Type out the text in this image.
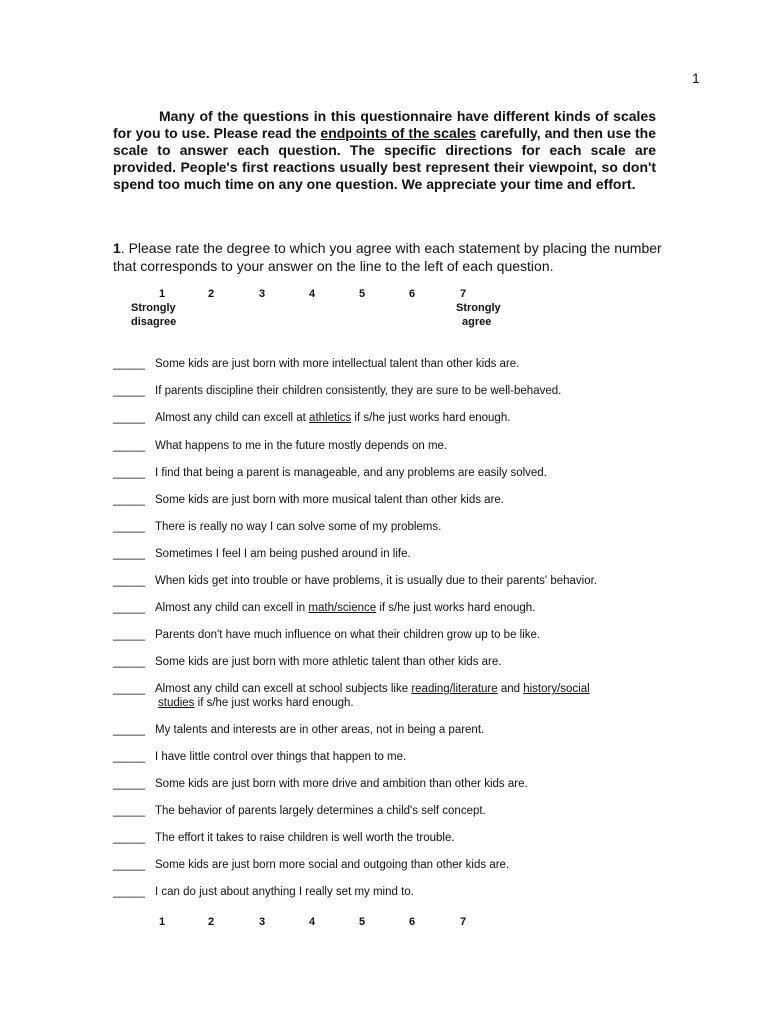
1

Many of the questions in this questionnaire have different kinds of scales for you to use. Please read the endpoints of the scales carefully, and then use the scale to answer each question. The specific directions for each scale are provided. People's first reactions usually best represent their viewpoint, so don't spend too much time on any one question. We appreciate your time and effort.

1. Please rate the degree to which you agree with each statement by placing the number that corresponds to your answer on the line to the left of each question.
1	2	3	4	5	6	7
Strongly
disagree
Strongly
agree
_____ Some kids are just born with more intellectual talent than other kids are.
_____ If parents discipline their children consistently, they are sure to be well-behaved.
_____ Almost any child can excell at athletics if s/he just works hard enough.
_____ What happens to me in the future mostly depends on me.
_____ I find that being a parent is manageable, and any problems are easily solved.
_____ Some kids are just born with more musical talent than other kids are.
_____ There is really no way I can solve some of my problems.
_____ Sometimes I feel I am being pushed around in life.
_____ When kids get into trouble or have problems, it is usually due to their parents' behavior.
_____ Almost any child can excell in math/science if s/he just works hard enough.
_____ Parents don't have much influence on what their children grow up to be like.
_____ Some kids are just born with more athletic talent than other kids are.
_____ Almost any child can excell at school subjects like reading/literature and history/social
studies if s/he just works hard enough.
_____ My talents and interests are in other areas, not in being a parent.
_____ I have little control over things that happen to me.
_____ Some kids are just born with more drive and ambition than other kids are.
_____ The behavior of parents largely determines a child's self concept.
_____ The effort it takes to raise children is well worth the trouble.
_____ Some kids are just born more social and outgoing than other kids are.
_____ I can do just about anything I really set my mind to.
1	2	3	4	5	6	7
